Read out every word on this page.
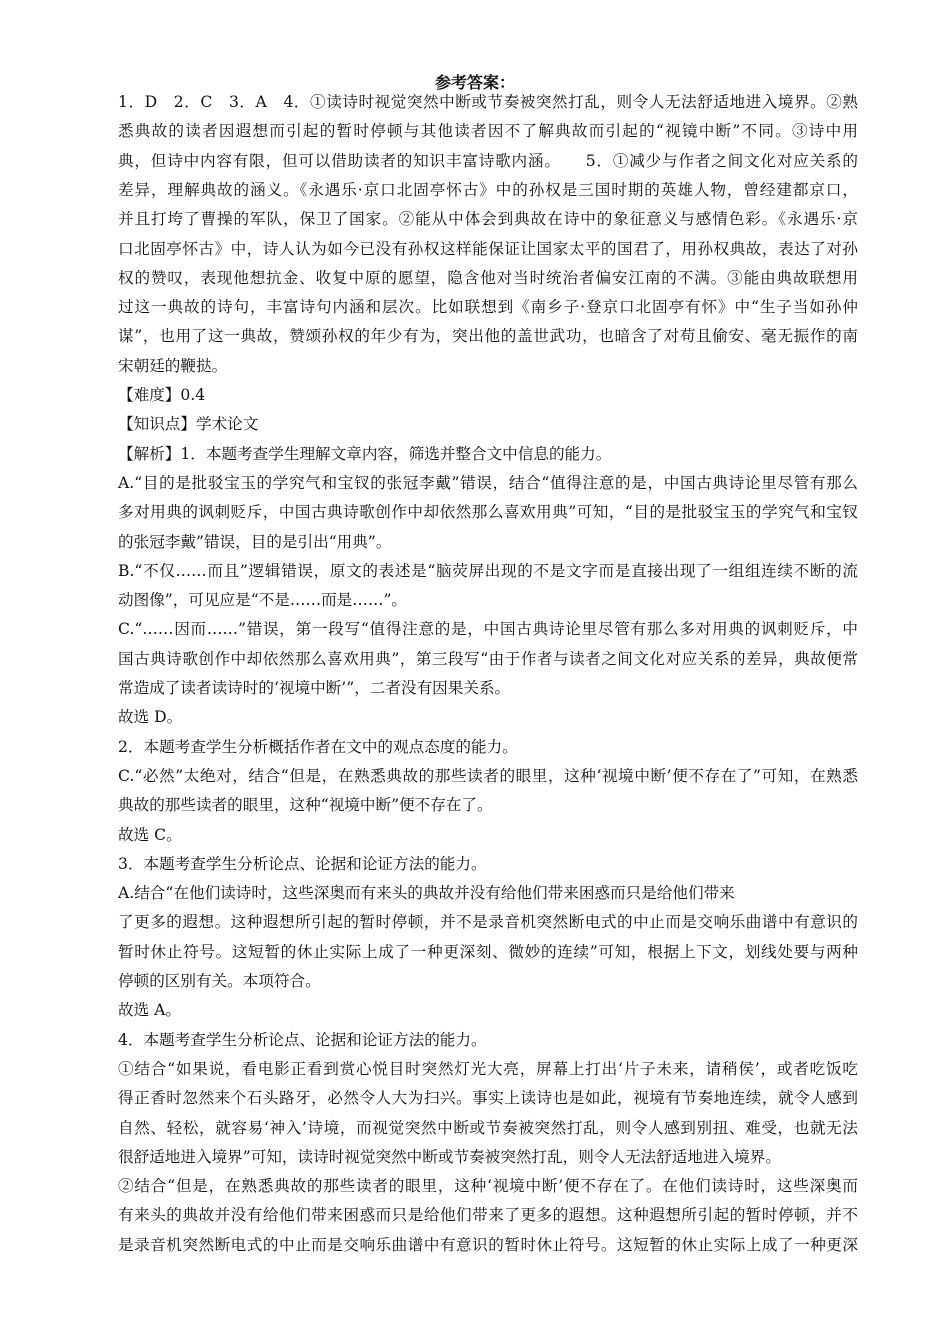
参考答案：
1．D　2．C　3．A　4．①读诗时视觉突然中断或节奏被突然打乱，则令人无法舒适地进入境界。②熟
悉典故的读者因遐想而引起的暂时停顿与其他读者因不了解典故而引起的“视镜中断”不同。③诗中用
典，但诗中内容有限，但可以借助读者的知识丰富诗歌内涵。　　5．①减少与作者之间文化对应关系的
差异，理解典故的涵义。《永遇乐·京口北固亭怀古》中的孙权是三国时期的英雄人物，曾经建都京口，
并且打垮了曹操的军队，保卫了国家。②能从中体会到典故在诗中的象征意义与感情色彩。《永遇乐·京
口北固亭怀古》中，诗人认为如今已没有孙权这样能保证让国家太平的国君了，用孙权典故，表达了对孙
权的赞叹，表现他想抗金、收复中原的愿望，隐含他对当时统治者偏安江南的不满。③能由典故联想用
过这一典故的诗句，丰富诗句内涵和层次。比如联想到《南乡子·登京口北固亭有怀》中“生子当如孙仲
谋”，也用了这一典故，赞颂孙权的年少有为，突出他的盖世武功，也暗含了对苟且偷安、毫无振作的南
宋朝廷的鞭挞。
【难度】0.4
【知识点】学术论文
【解析】1．本题考查学生理解文章内容，筛选并整合文中信息的能力。
A.“目的是批驳宝玉的学究气和宝钗的张冠李戴”错误，结合“值得注意的是，中国古典诗论里尽管有那么
多对用典的讽刺贬斥，中国古典诗歌创作中却依然那么喜欢用典”可知，“目的是批驳宝玉的学究气和宝钗
的张冠李戴”错误，目的是引出“用典”。
B.“不仅……而且”逻辑错误，原文的表述是“脑荧屏出现的不是文字而是直接出现了一组组连续不断的流
动图像”，可见应是“不是……而是……”。
C.“……因而……”错误，第一段写“值得注意的是，中国古典诗论里尽管有那么多对用典的讽刺贬斥，中
国古典诗歌创作中却依然那么喜欢用典”，第三段写“由于作者与读者之间文化对应关系的差异，典故便常
常造成了读者读诗时的‘视境中断’”，二者没有因果关系。
故选 D。
2．本题考查学生分析概括作者在文中的观点态度的能力。
C.“必然”太绝对，结合“但是，在熟悉典故的那些读者的眼里，这种‘视境中断’便不存在了”可知，在熟悉
典故的那些读者的眼里，这种“视境中断”便不存在了。
故选 C。
3．本题考查学生分析论点、论据和论证方法的能力。
A.结合“在他们读诗时，这些深奥而有来头的典故并没有给他们带来困惑而只是给他们带来
了更多的遐想。这种遐想所引起的暂时停顿，并不是录音机突然断电式的中止而是交响乐曲谱中有意识的
暂时休止符号。这短暂的休止实际上成了一种更深刻、微妙的连续”可知，根据上下文，划线处要与两种
停顿的区别有关。本项符合。
故选 A。
4．本题考查学生分析论点、论据和论证方法的能力。
①结合“如果说，看电影正看到赏心悦目时突然灯光大亮，屏幕上打出‘片子未来，请稍侯’，或者吃饭吃
得正香时忽然来个石头路牙，必然令人大为扫兴。事实上读诗也是如此，视境有节奏地连续，就令人感到
自然、轻松，就容易‘神入’诗境，而视觉突然中断或节奏被突然打乱，则令人感到别扭、难受，也就无法
很舒适地进入境界”可知，读诗时视觉突然中断或节奏被突然打乱，则令人无法舒适地进入境界。
②结合“但是，在熟悉典故的那些读者的眼里，这种‘视境中断’便不存在了。在他们读诗时，这些深奥而
有来头的典故并没有给他们带来困惑而只是给他们带来了更多的遐想。这种遐想所引起的暂时停顿，并不
是录音机突然断电式的中止而是交响乐曲谱中有意识的暂时休止符号。这短暂的休止实际上成了一种更深
